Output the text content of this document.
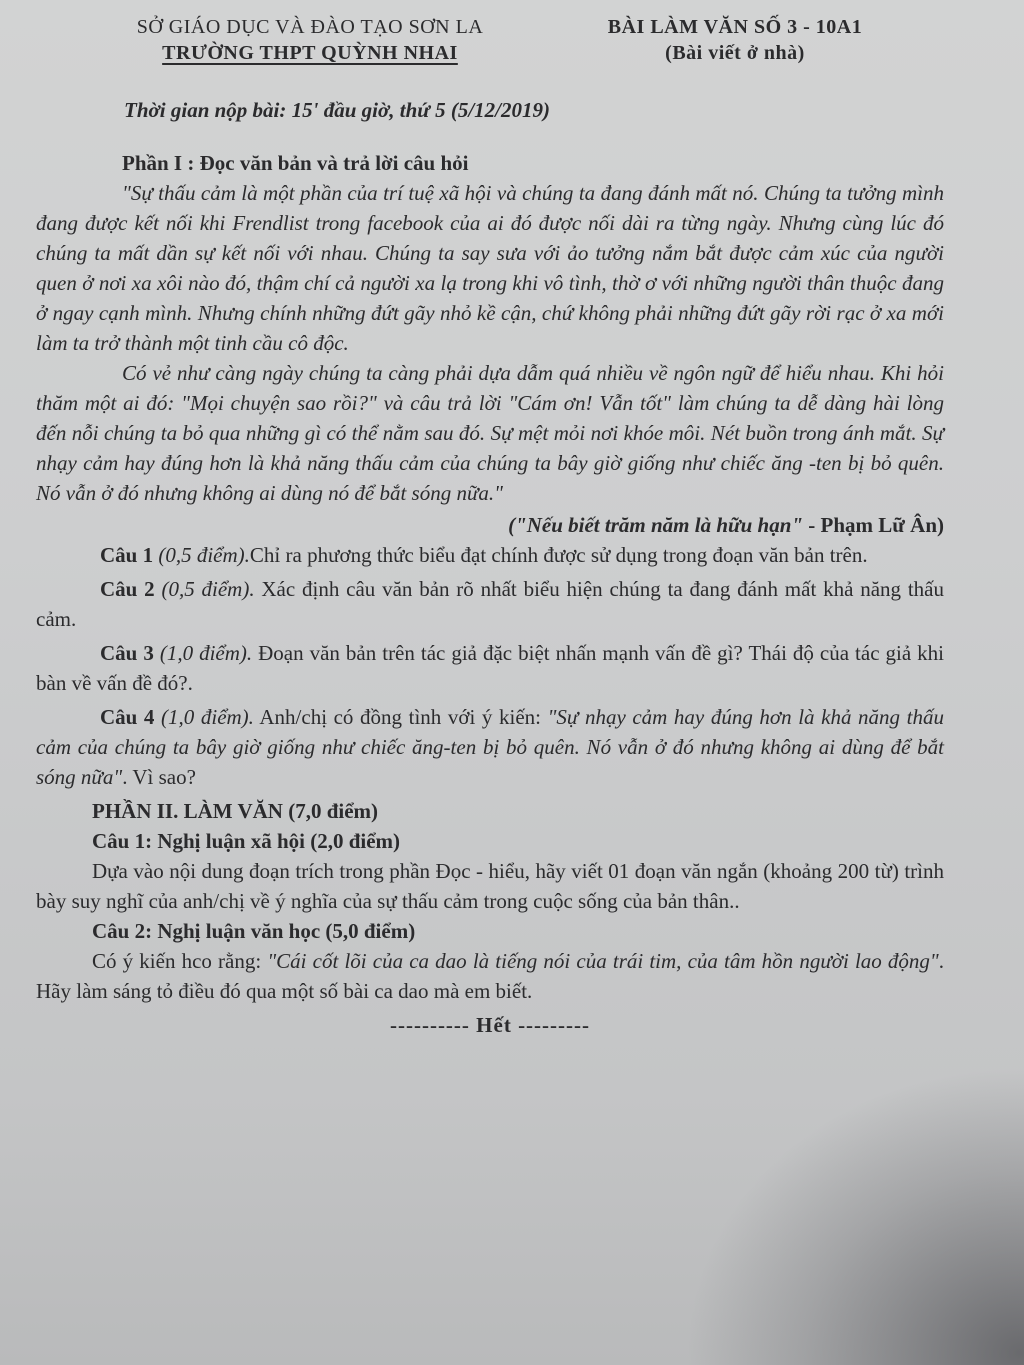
SỞ GIÁO DỤC VÀ ĐÀO TẠO SƠN LA
TRƯỜNG THPT QUỲNH NHAI
BÀI LÀM VĂN SỐ 3 - 10A1
(Bài viết ở nhà)
Thời gian nộp bài: 15' đầu giờ, thứ 5 (5/12/2019)
Phần I : Đọc văn bản và trả lời câu hỏi

"Sự thấu cảm là một phần của trí tuệ xã hội và chúng ta đang đánh mất nó. Chúng ta tưởng mình đang được kết nối khi Frendlist trong facebook của ai đó được nối dài ra từng ngày. Nhưng cùng lúc đó chúng ta mất dần sự kết nối với nhau. Chúng ta say sưa với ảo tưởng nắm bắt được cảm xúc của người quen ở nơi xa xôi nào đó, thậm chí cả người xa lạ trong khi vô tình, thờ ơ với những người thân thuộc đang ở ngay cạnh mình. Nhưng chính những đứt gãy nhỏ kề cận, chứ không phải những đứt gãy rời rạc ở xa mới làm ta trở thành một tinh cầu cô độc.

Có vẻ như càng ngày chúng ta càng phải dựa dẫm quá nhiều về ngôn ngữ để hiểu nhau. Khi hỏi thăm một ai đó: "Mọi chuyện sao rồi?" và câu trả lời "Cám ơn! Vẫn tốt" làm chúng ta dễ dàng hài lòng đến nỗi chúng ta bỏ qua những gì có thể nằm sau đó. Sự mệt mỏi nơi khóe môi. Nét buồn trong ánh mắt. Sự nhạy cảm hay đúng hơn là khả năng thấu cảm của chúng ta bây giờ giống như chiếc ăng -ten bị bỏ quên. Nó vẫn ở đó nhưng không ai dùng nó để bắt sóng nữa."

("Nếu biết trăm năm là hữu hạn" - Phạm Lữ Ân)

Câu 1 (0,5 điểm).Chỉ ra phương thức biểu đạt chính được sử dụng trong đoạn văn bản trên.

Câu 2 (0,5 điểm). Xác định câu văn bản rõ nhất biểu hiện chúng ta đang đánh mất khả năng thấu cảm.

Câu 3 (1,0 điểm). Đoạn văn bản trên tác giả đặc biệt nhấn mạnh vấn đề gì? Thái độ của tác giả khi bàn về vấn đề đó?.

Câu 4 (1,0 điểm). Anh/chị có đồng tình với ý kiến: "Sự nhạy cảm hay đúng hơn là khả năng thấu cảm của chúng ta bây giờ giống như chiếc ăng-ten bị bỏ quên. Nó vẫn ở đó nhưng không ai dùng để bắt sóng nữa". Vì sao?

PHẦN II. LÀM VĂN (7,0 điểm)
Câu 1: Nghị luận xã hội (2,0 điểm)

Dựa vào nội dung đoạn trích trong phần Đọc - hiểu, hãy viết 01 đoạn văn ngắn (khoảng 200 từ) trình bày suy nghĩ của anh/chị về ý nghĩa của sự thấu cảm trong cuộc sống của bản thân..

Câu 2: Nghị luận văn học (5,0 điểm)

Có ý kiến hco rằng: "Cái cốt lõi của ca dao là tiếng nói của trái tim, của tâm hồn người lao động". Hãy làm sáng tỏ điều đó qua một số bài ca dao mà em biết.

---------- Hết ---------
